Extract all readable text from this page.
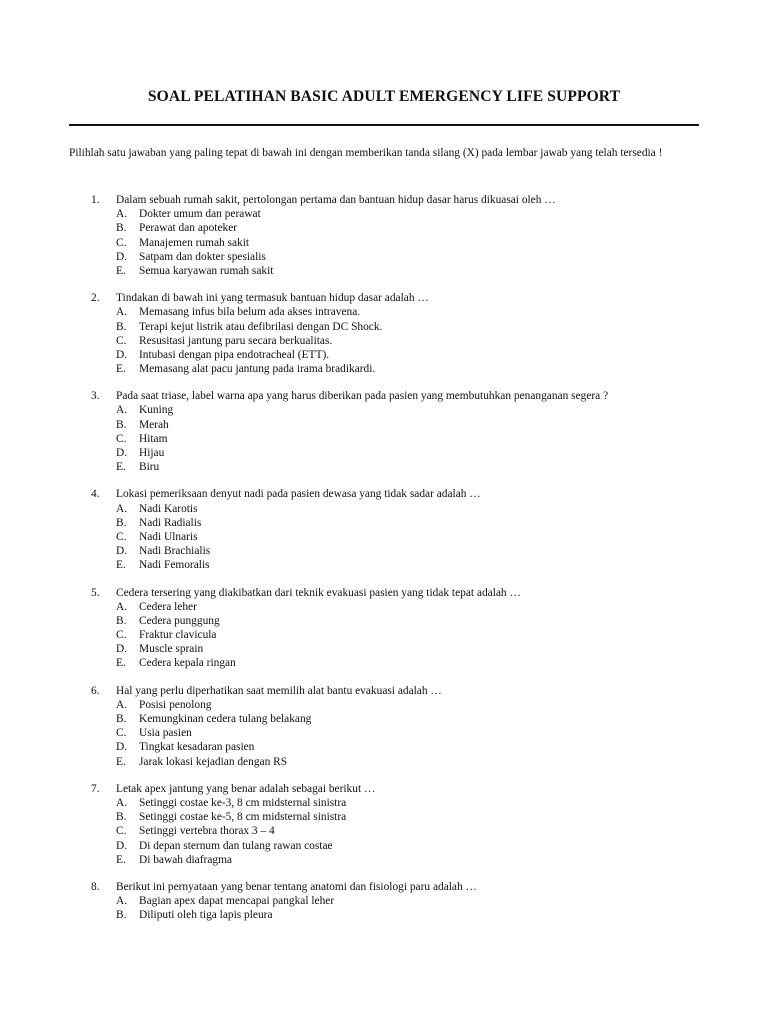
SOAL PELATIHAN BASIC ADULT EMERGENCY LIFE SUPPORT
Pilihlah satu jawaban yang paling tepat di bawah ini dengan memberikan tanda silang (X) pada lembar jawab yang telah tersedia !
1. Dalam sebuah rumah sakit, pertolongan pertama dan bantuan hidup dasar harus dikuasai oleh …
A. Dokter umum dan perawat
B. Perawat dan apoteker
C. Manajemen rumah sakit
D. Satpam dan dokter spesialis
E. Semua karyawan rumah sakit
2. Tindakan di bawah ini yang termasuk bantuan hidup dasar adalah …
A. Memasang infus bila belum ada akses intravena.
B. Terapi kejut listrik atau defibrilasi dengan DC Shock.
C. Resusitasi jantung paru secara berkualitas.
D. Intubasi dengan pipa endotracheal (ETT).
E. Memasang alat pacu jantung pada irama bradikardi.
3. Pada saat triase, label warna apa yang harus diberikan pada pasien yang membutuhkan penanganan segera ?
A. Kuning
B. Merah
C. Hitam
D. Hijau
E. Biru
4. Lokasi pemeriksaan denyut nadi pada pasien dewasa yang tidak sadar adalah …
A. Nadi Karotis
B. Nadi Radialis
C. Nadi Ulnaris
D. Nadi Brachialis
E. Nadi Femoralis
5. Cedera tersering yang diakibatkan dari teknik evakuasi pasien yang tidak tepat adalah …
A. Cedera leher
B. Cedera punggung
C. Fraktur clavicula
D. Muscle sprain
E. Cedera kepala ringan
6. Hal yang perlu diperhatikan saat memilih alat bantu evakuasi adalah …
A. Posisi penolong
B. Kemungkinan cedera tulang belakang
C. Usia pasien
D. Tingkat kesadaran pasien
E. Jarak lokasi kejadian dengan RS
7. Letak apex jantung yang benar adalah sebagai berikut …
A. Setinggi costae ke-3, 8 cm midsternal sinistra
B. Setinggi costae ke-5, 8 cm midsternal sinistra
C. Setinggi vertebra thorax 3 – 4
D. Di depan sternum dan tulang rawan costae
E. Di bawah diafragma
8. Berikut ini pernyataan yang benar tentang anatomi dan fisiologi paru adalah …
A. Bagian apex dapat mencapai pangkal leher
B. Diliputi oleh tiga lapis pleura
